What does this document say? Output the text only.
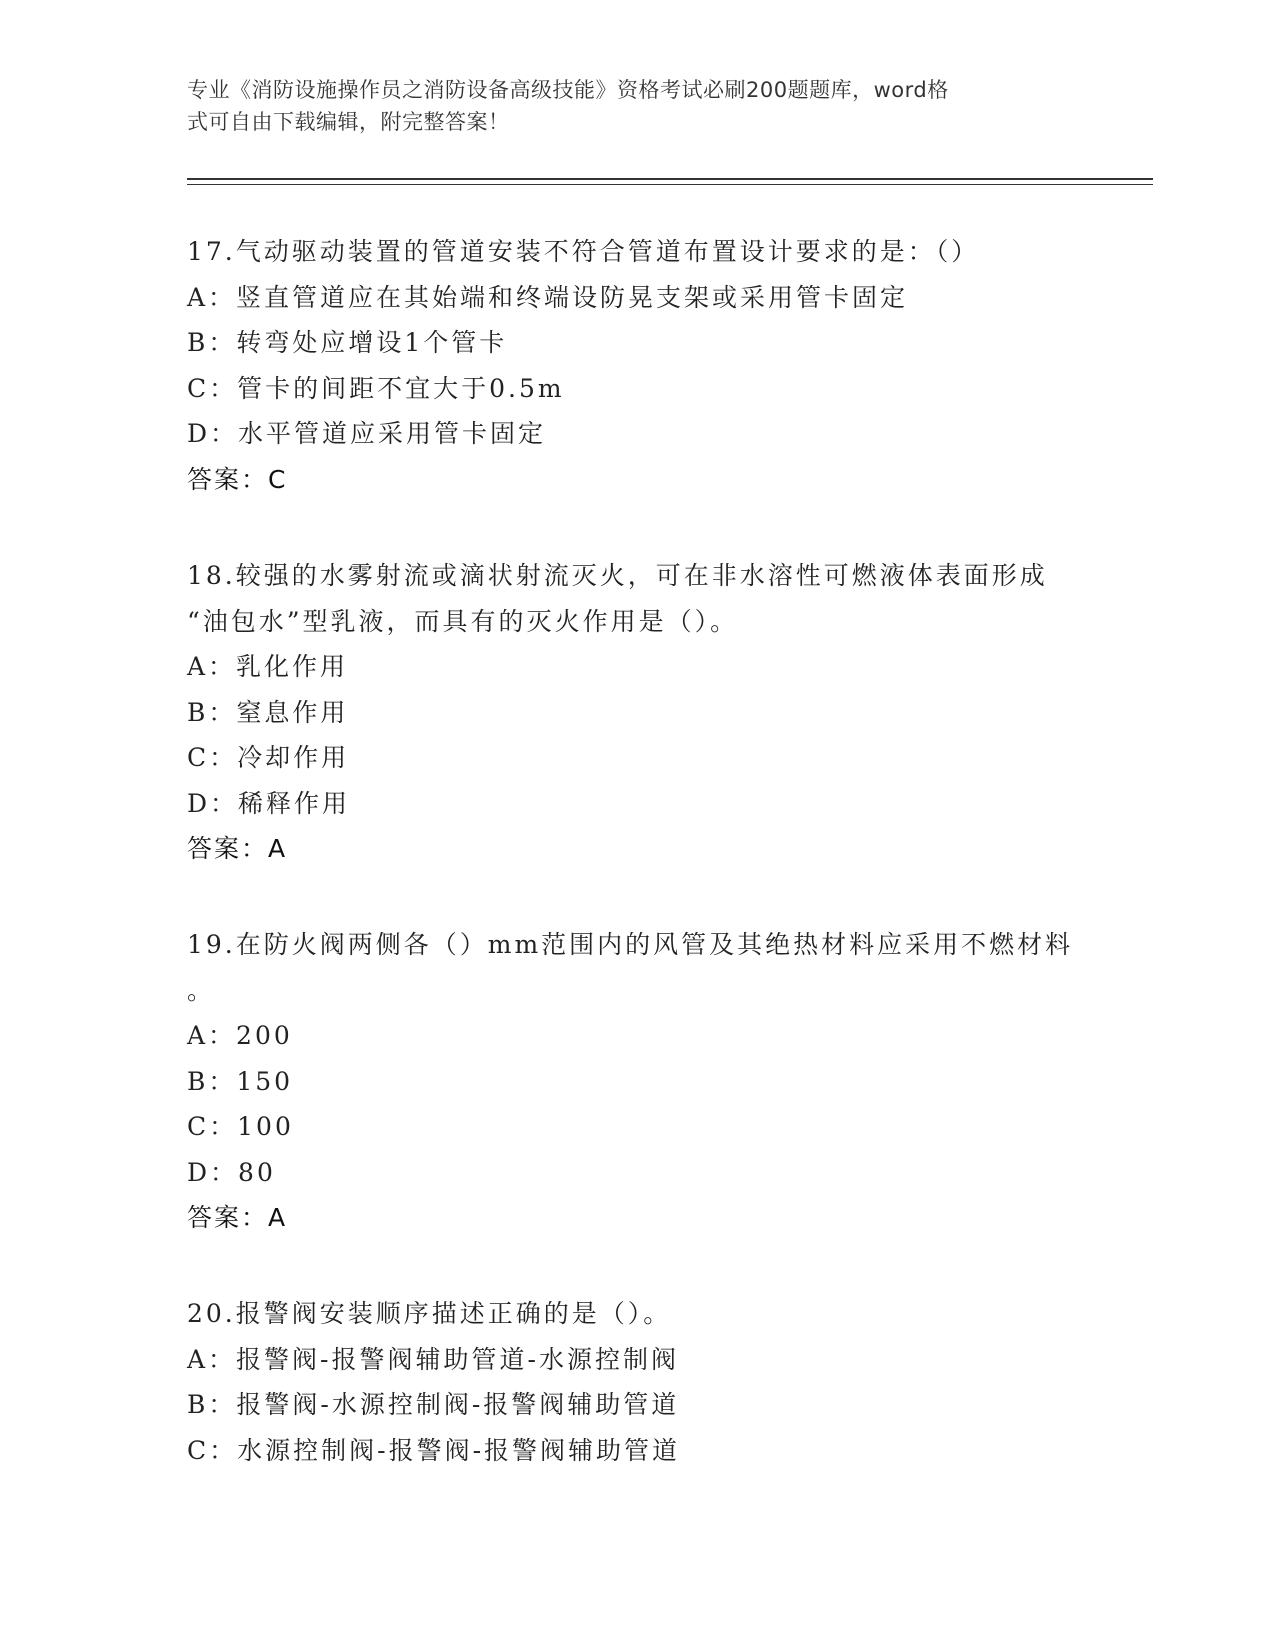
专业《消防设施操作员之消防设备高级技能》资格考试必刷200题题库，word格
式可自由下载编辑，附完整答案！
17.气动驱动装置的管道安装不符合管道布置设计要求的是：（）
A：竖直管道应在其始端和终端设防晃支架或采用管卡固定
B：转弯处应增设1个管卡
C：管卡的间距不宜大于0.5m
D：水平管道应采用管卡固定
答案：C
18.较强的水雾射流或滴状射流灭火，可在非水溶性可燃液体表面形成
“油包水”型乳液，而具有的灭火作用是（）。
A：乳化作用
B：窒息作用
C：冷却作用
D：稀释作用
答案：A
19.在防火阀两侧各（）mm范围内的风管及其绝热材料应采用不燃材料
。
A：200
B：150
C：100
D：80
答案：A
20.报警阀安装顺序描述正确的是（）。
A：报警阀-报警阀辅助管道-水源控制阀
B：报警阀-水源控制阀-报警阀辅助管道
C：水源控制阀-报警阀-报警阀辅助管道
